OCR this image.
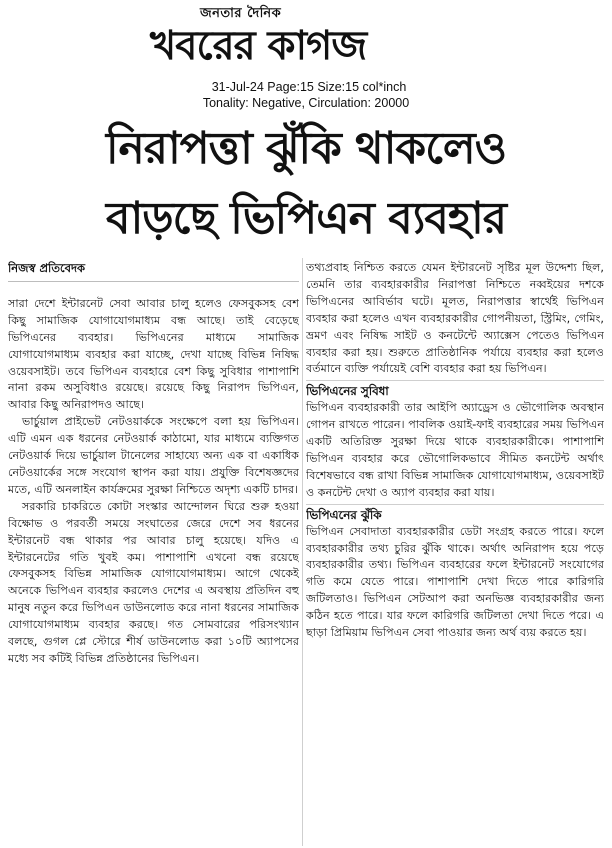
জনতার দৈনিক
খবরের কাগজ
31-Jul-24 Page:15 Size:15 col*inch
Tonality: Negative, Circulation: 20000
নিরাপত্তা ঝুঁকি থাকলেও
বাড়ছে ভিপিএন ব্যবহার
নিজস্ব প্রতিবেদক

সারা দেশে ইন্টারনেট সেবা আবার চালু হলেও ফেসবুকসহ বেশ কিছু সামাজিক যোগাযোগমাধ্যম বন্ধ আছে। তাই বেড়েছে ভিপিএনের ব্যবহার। ভিপিএনের মাধ্যমে সামাজিক যোগাযোগমাধ্যম ব্যবহার করা যাচ্ছে, দেখা যাচ্ছে বিভিন্ন নিষিদ্ধ ওয়েবসাইট। তবে ভিপিএন ব্যবহারে বেশ কিছু সুবিধার পাশাপাশি নানা রকম অসুবিধাও রয়েছে। রয়েছে কিছু নিরাপদ ভিপিএন, আবার কিছু অনিরাপদও আছে।

ভার্চুয়াল প্রাইভেট নেটওয়ার্ককে সংক্ষেপে বলা হয় ভিপিএন। এটি এমন এক ধরনের নেটওয়ার্ক কাঠামো, যার মাধ্যমে ব্যক্তিগত নেটওয়ার্ক দিয়ে ভার্চুয়াল টানেলের সাহায্যে অন্য এক বা একাধিক নেটওয়ার্কের সঙ্গে সংযোগ স্থাপন করা যায়। প্রযুক্তি বিশেষজ্ঞদের মতে, এটি অনলাইন কার্যক্রমের সুরক্ষা নিশ্চিতে অদৃশ্য একটি চাদর।

সরকারি চাকরিতে কোটা সংস্কার আন্দোলন ঘিরে শুরু হওয়া বিক্ষোভ ও পরবর্তী সময়ে সংঘাতের জেরে দেশে সব ধরনের ইন্টারনেট বন্ধ থাকার পর আবার চালু হয়েছে। যদিও এ ইন্টারনেটের গতি খুবই কম। পাশাপাশি এখনো বন্ধ রয়েছে ফেসবুকসহ বিভিন্ন সামাজিক যোগাযোগমাধ্যম। আগে থেকেই অনেকে ভিপিএন ব্যবহার করলেও দেশের এ অবস্থায় প্রতিদিন বহু মানুষ নতুন করে ভিপিএন ডাউনলোড করে নানা ধরনের সামাজিক যোগাযোগমাধ্যম ব্যবহার করছে। গত সোমবারের পরিসংখ্যান বলছে, গুগল প্লে স্টোরে শীর্ষ ডাউনলোড করা ১০টি অ্যাপসের মধ্যে সব কটিই বিভিন্ন প্রতিষ্ঠানের ভিপিএন।

তথ্যপ্রবাহ নিশ্চিত করতে যেমন ইন্টারনেট সৃষ্টির মূল উদ্দেশ্য ছিল, তেমনি তার ব্যবহারকারীর নিরাপত্তা নিশ্চিতে নব্বইয়ের দশকে ভিপিএনের আবির্ভাব ঘটে। মূলত, নিরাপত্তার স্বার্থেই ভিপিএন ব্যবহার করা হলেও এখন ব্যবহারকারীর গোপনীয়তা, স্ট্রিমিং, গেমিং, ভ্রমণ এবং নিষিদ্ধ সাইট ও কনটেন্টে অ্যাক্সেস পেতেও ভিপিএন ব্যবহার করা হয়। শুরুতে প্রাতিষ্ঠানিক পর্যায়ে ব্যবহার করা হলেও বর্তমানে ব্যক্তি পর্যায়েই বেশি ব্যবহার করা হয় ভিপিএন।

ভিপিএনের সুবিধা

ভিপিএন ব্যবহারকারী তার আইপি অ্যাড্রেস ও ভৌগোলিক অবস্থান গোপন রাখতে পারেন। পাবলিক ওয়াই-ফাই ব্যবহারের সময় ভিপিএন একটি অতিরিক্ত সুরক্ষা দিয়ে থাকে ব্যবহারকারীকে। পাশাপাশি ভিপিএন ব্যবহার করে ভৌগোলিকভাবে সীমিত কনটেন্ট অর্থাৎ বিশেষভাবে বন্ধ রাখা বিভিন্ন সামাজিক যোগাযোগমাধ্যম, ওয়েবসাইট ও কনটেন্ট দেখা ও অ্যাপ ব্যবহার করা যায়।

ভিপিএনের ঝুঁকি

ভিপিএন সেবাদাতা ব্যবহারকারীর ডেটা সংগ্রহ করতে পারে। ফলে ব্যবহারকারীর তথ্য চুরির ঝুঁকি থাকে। অর্থাৎ অনিরাপদ হয়ে পড়ে ব্যবহারকারীর তথ্য। ভিপিএন ব্যবহারের ফলে ইন্টারনেট সংযোগের গতি কমে যেতে পারে। পাশাপাশি দেখা দিতে পারে কারিগরি জটিলতাও। ভিপিএন সেটআপ করা অনভিজ্ঞ ব্যবহারকারীর জন্য কঠিন হতে পারে। যার ফলে কারিগরি জটিলতা দেখা দিতে পরে। এ ছাড়া প্রিমিয়াম ভিপিএন সেবা পাওয়ার জন্য অর্থ ব্যয় করতে হয়।
